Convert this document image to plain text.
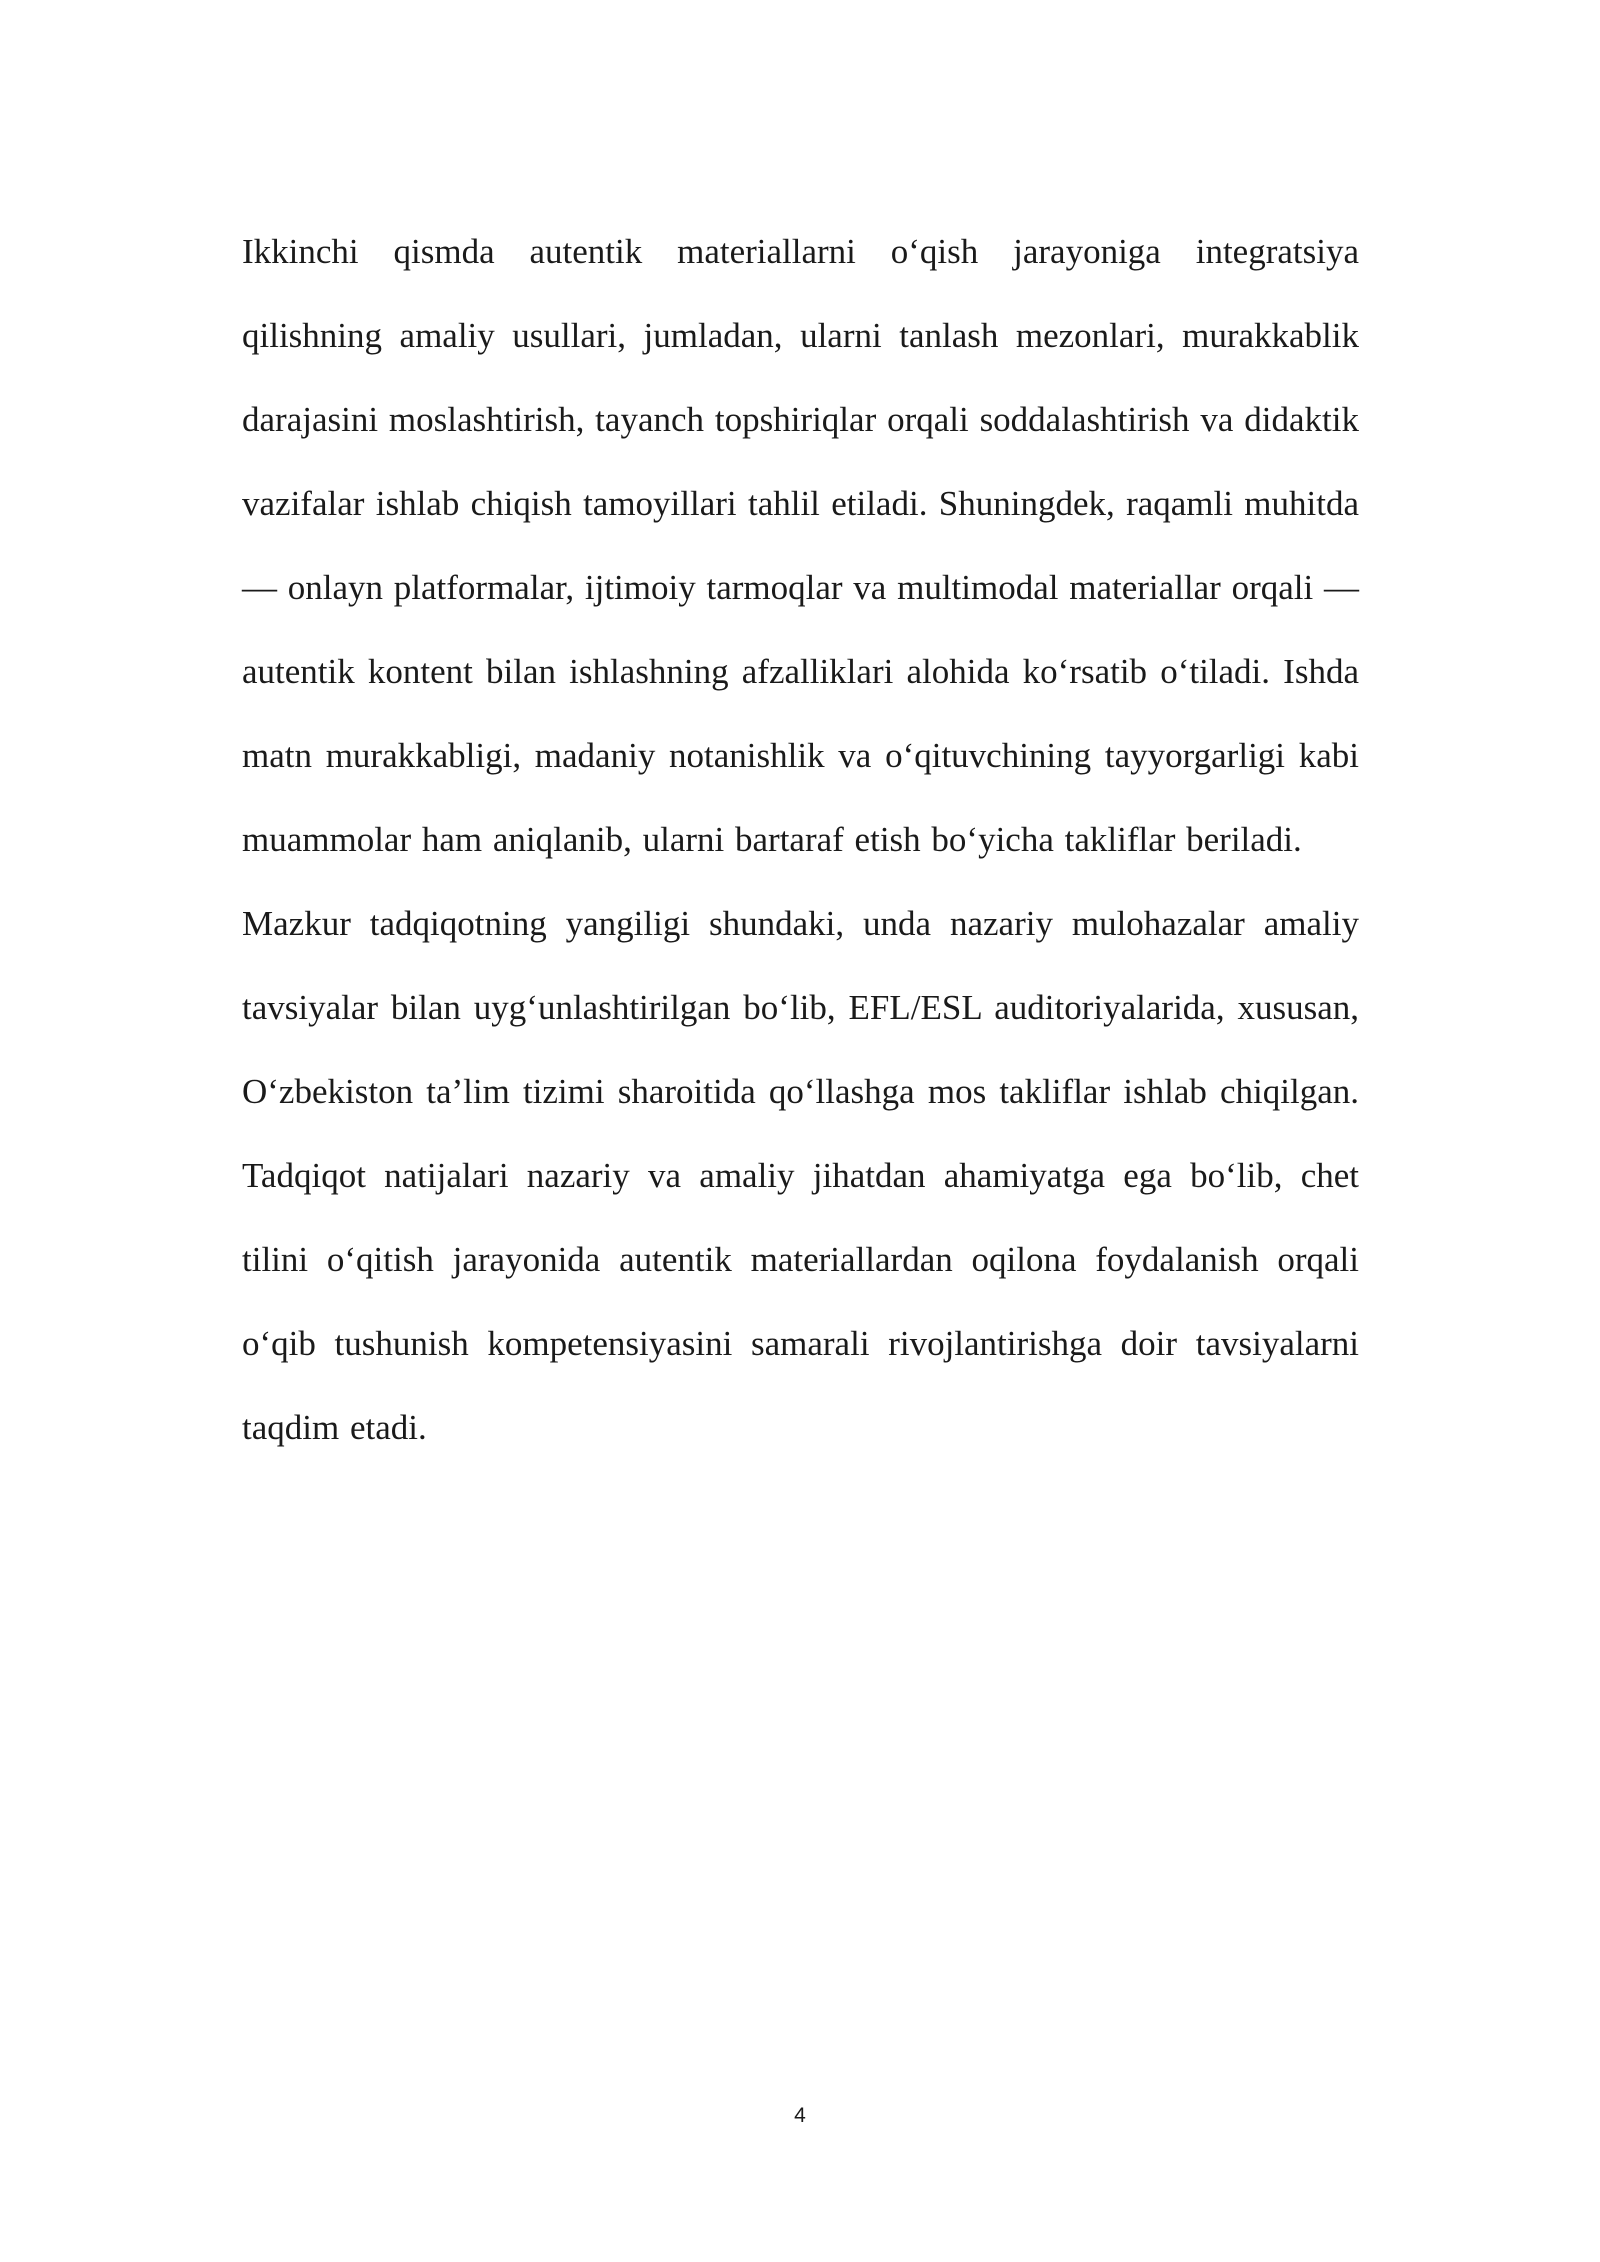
Ikkinchi qismda autentik materiallarni o‘qish jarayoniga integratsiya qilishning amaliy usullari, jumladan, ularni tanlash mezonlari, murakkablik darajasini moslashtirish, tayanch topshiriqlar orqali soddalashtirish va didaktik vazifalar ishlab chiqish tamoyillari tahlil etiladi. Shuningdek, raqamli muhitda — onlayn platformalar, ijtimoiy tarmoqlar va multimodal materiallar orqali — autentik kontent bilan ishlashning afzalliklari alohida ko‘rsatib o‘tiladi. Ishda matn murakkabligi, madaniy notanishlik va o‘qituvchining tayyorgarligi kabi muammolar ham aniqlanib, ularni bartaraf etish bo‘yicha takliflar beriladi.

Mazkur tadqiqotning yangiligi shundaki, unda nazariy mulohazalar amaliy tavsiyalar bilan uyg‘unlashtirilgan bo‘lib, EFL/ESL auditoriyalarida, xususan, O‘zbekiston ta’lim tizimi sharoitida qo‘llashga mos takliflar ishlab chiqilgan. Tadqiqot natijalari nazariy va amaliy jihatdan ahamiyatga ega bo‘lib, chet tilini o‘qitish jarayonida autentik materiallardan oqilona foydalanish orqali o‘qib tushunish kompetensiyasini samarali rivojlantirishga doir tavsiyalarni taqdim etadi.

4
